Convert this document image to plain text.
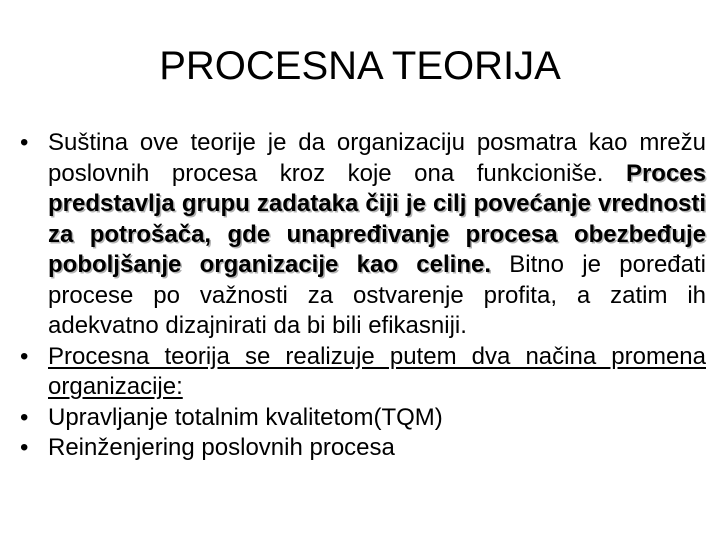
PROCESNA TEORIJA
• Suština ove teorije je da organizaciju posmatra kao mrežu poslovnih procesa kroz koje ona funkcioniše. Proces predstavlja grupu zadataka čiji je cilj povećanje vrednosti za potrošača, gde unapređivanje procesa obezbeđuje poboljšanje organizacije kao celine. Bitno je porеđati procese po važnosti za ostvarenje profita, a zatim ih adekvatno dizajnirati da bi bili efikasniji.
• Procesna teorija se realizuje putem dva načina promena organizacije:
• Upravljanje totalnim kvalitetom(TQM)
• Reinženjering poslovnih procesa
